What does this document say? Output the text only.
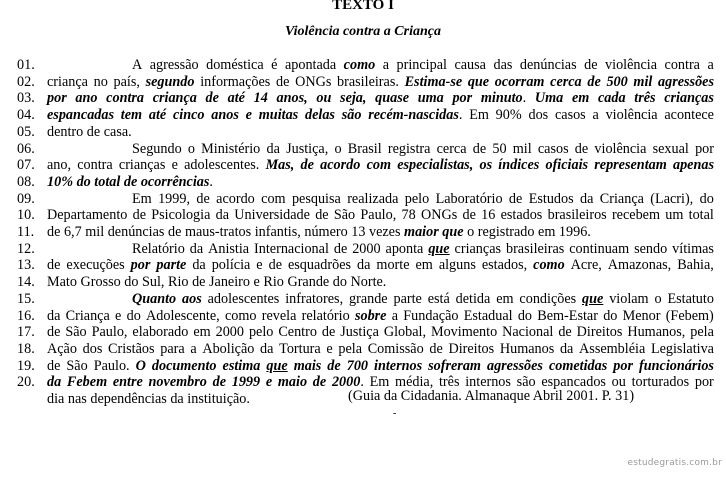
TEXTO I
Violência contra a Criança
01.	A agressão doméstica é apontada como a principal causa das denúncias de violência contra a
02. criança no país, segundo informações de ONGs brasileiras. Estima-se que ocorram cerca de 500 mil agressões
03. por ano contra criança de até 14 anos, ou seja, quase uma por minuto. Uma em cada três crianças
04. espancadas tem até cinco anos e muitas delas são recém-nascidas. Em 90% dos casos a violência acontece
05. dentro de casa.
06.	Segundo o Ministério da Justiça, o Brasil registra cerca de 50 mil casos de violência sexual por
07. ano, contra crianças e adolescentes. Mas, de acordo com especialistas, os índices oficiais representam apenas
08. 10% do total de ocorrências.
09.	Em 1999, de acordo com pesquisa realizada pelo Laboratório de Estudos da Criança (Lacri), do
10. Departamento de Psicologia da Universidade de São Paulo, 78 ONGs de 16 estados brasileiros recebem um total
11. de 6,7 mil denúncias de maus-tratos infantis, número 13 vezes maior que o registrado em 1996.
12.	Relatório da Anistia Internacional de 2000 aponta que crianças brasileiras continuam sendo vítimas
13. de execuções por parte da polícia e de esquadrões da morte em alguns estados, como Acre, Amazonas, Bahia,
14. Mato Grosso do Sul, Rio de Janeiro e Rio Grande do Norte.
15.	Quanto aos adolescentes infratores, grande parte está detida em condições que violam o Estatuto
16. da Criança e do Adolescente, como revela relatório sobre a Fundação Estadual do Bem-Estar do Menor (Febem)
17. de São Paulo, elaborado em 2000 pelo Centro de Justiça Global, Movimento Nacional de Direitos Humanos, pela
18. Ação dos Cristãos para a Abolição da Tortura e pela Comissão de Direitos Humanos da Assembléia Legislativa
19. de São Paulo. O documento estima que mais de 700 internos sofreram agressões cometidas por funcionários
20. da Febem entre novembro de 1999 e maio de 2000. Em média, três internos são espancados ou torturados por
dia nas dependências da instituição.	(Guia da Cidadania. Almanaque Abril 2001. P. 31)
-
estudegratis.com.br
